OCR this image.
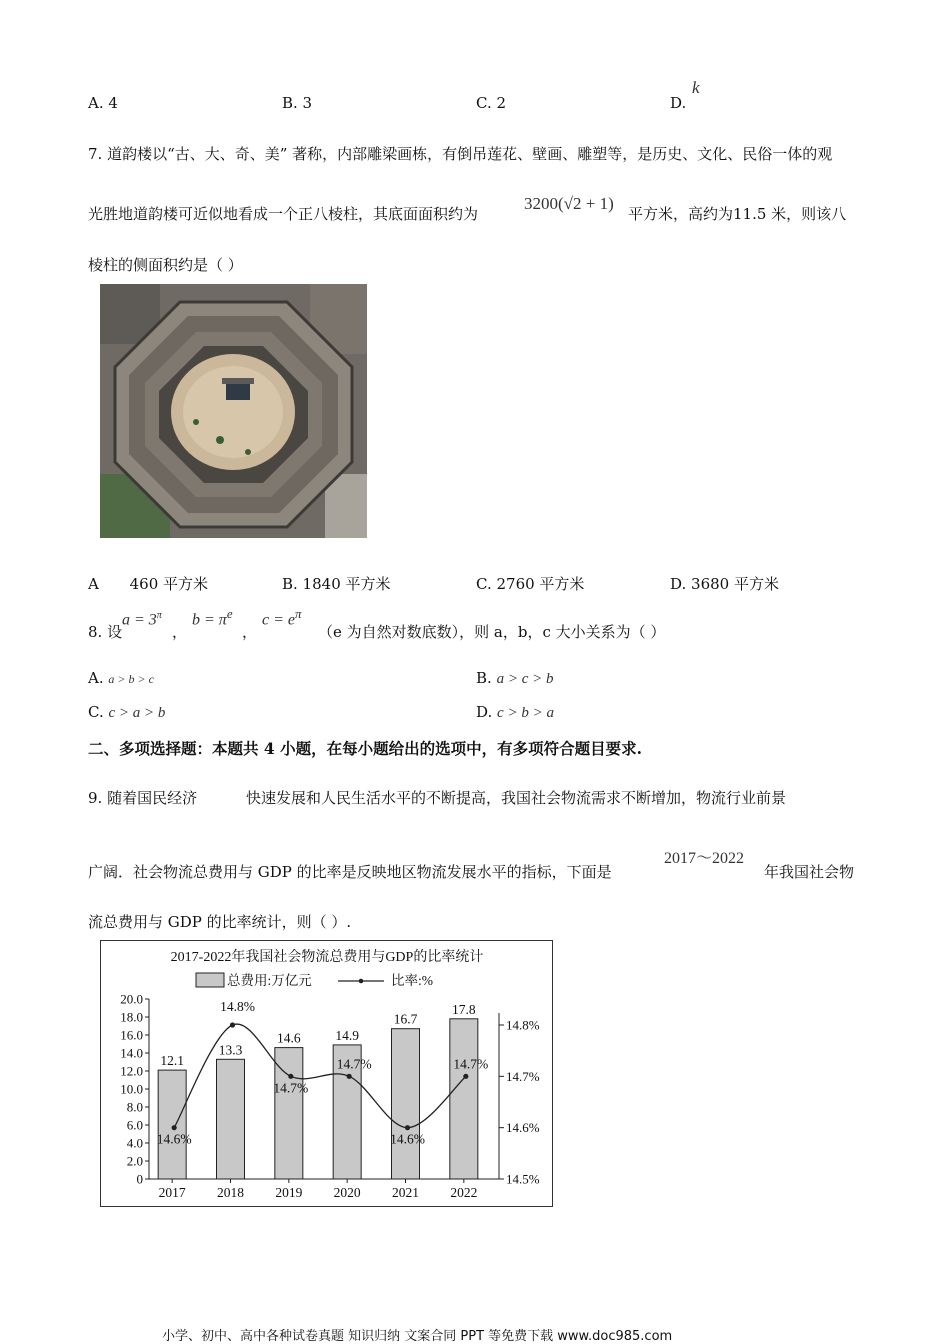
A. 4	B. 3	C. 2	D.
k
7. 道韵楼以“古、大、奇、美” 著称，内部雕梁画栋，有倒吊莲花、壁画、雕塑等，是历史、文化、民俗一体的观
光胜地道韵楼可近似地看成一个正八棱柱，其底面面积约为
3200(√2 + 1)
平方米，高约为11.5 米，则该八
棱柱的侧面积约是（ ）
A 460 平方米	B. 1840 平方米	C. 2760 平方米	D. 3680 平方米
8. 设
$a = 3^\pi$
，
$b = \pi^e$
，
$c = e^\pi$
（e 为自然对数底数），则 a，b，c 大小关系为（ ）
A. a > b > c	B. a > c > b
C. c > a > b	D. c > b > a
二、多项选择题：本题共 4 小题，在每小题给出的选项中，有多项符合题目要求.
9. 随着国民经济	快速发展和人民生活水平的不断提高，我国社会物流需求不断增加，物流行业前景
广阔．社会物流总费用与 GDP 的比率是反映地区物流发展水平的指标，下面是
2017～2022
年我国社会物
流总费用与 GDP 的比率统计，则（ ）.
2017-2022年我国社会物流总费用与GDP的比率统计
总费用:万亿元	比率:%
0
2.0
4.0
6.0
8.0
10.0
12.0
14.0
16.0
18.0
20.0
14.5%
14.6%
14.7%
14.8%
12.1
2017
13.3
2018
14.6
2019
14.9
2020
16.7
2021
17.8
2022
14.6%
14.8%
14.7%
14.7%
14.6%
14.7%
小学、初中、高中各种试卷真题 知识归纳 文案合同 PPT 等免费下载 www.doc985.com
